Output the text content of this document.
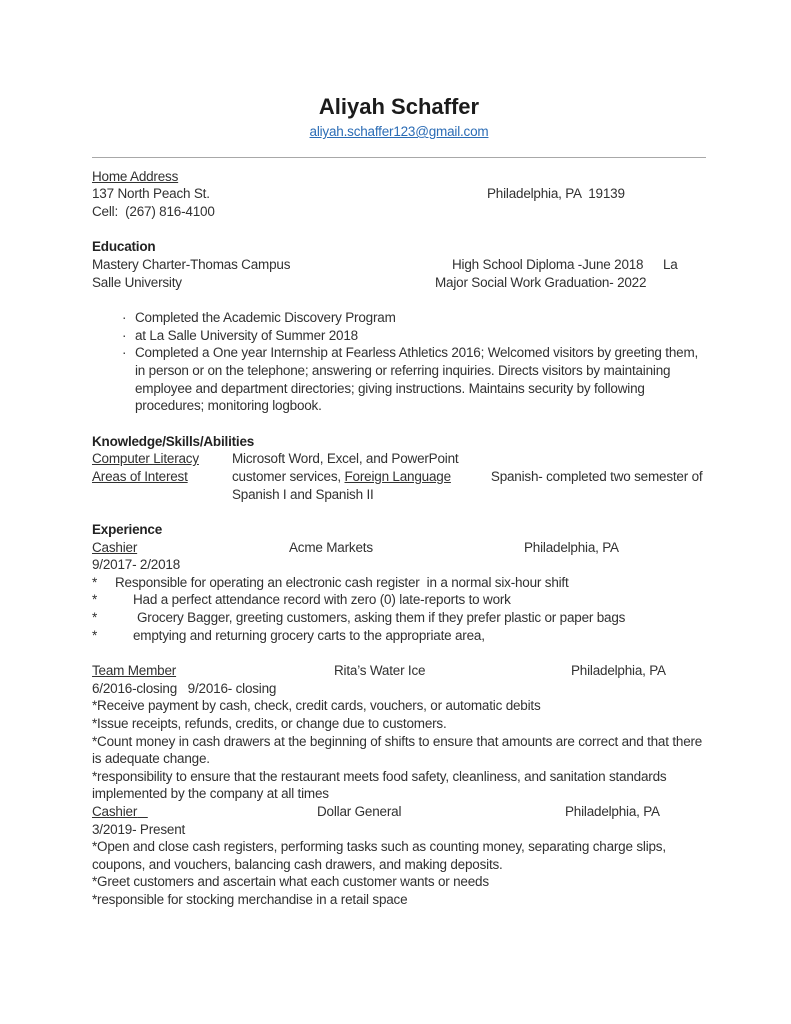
Aliyah Schaffer
aliyah.schaffer123@gmail.com
Home Address
137 North Peach St.	Philadelphia, PA  19139
Cell:  (267) 816-4100
Education
Mastery Charter-Thomas Campus	High School Diploma -June 2018 La
Salle University	Major Social Work Graduation- 2022
· Completed the Academic Discovery Program
· at La Salle University of Summer 2018
· Completed a One year Internship at Fearless Athletics 2016; Welcomed visitors by greeting them, in person or on the telephone; answering or referring inquiries. Directs visitors by maintaining employee and department directories; giving instructions. Maintains security by following procedures; monitoring logbook.
Knowledge/Skills/Abilities
Computer Literacy Microsoft Word, Excel, and PowerPoint
Areas of Interest	customer services, Foreign Language	Spanish- completed two semester of Spanish I and Spanish II
Experience
Cashier	Acme Markets	Philadelphia, PA
9/2017- 2/2018
* Responsible for operating an electronic cash register  in a normal six-hour shift
*	Had a perfect attendance record with zero (0) late-reports to work
*	Grocery Bagger, greeting customers, asking them if they prefer plastic or paper bags
*	emptying and returning grocery carts to the appropriate area,
Team Member	Rita’s Water Ice	Philadelphia, PA
6/2016-closing   9/2016- closing
*Receive payment by cash, check, credit cards, vouchers, or automatic debits
*Issue receipts, refunds, credits, or change due to customers.
*Count money in cash drawers at the beginning of shifts to ensure that amounts are correct and that there is adequate change.
*responsibility to ensure that the restaurant meets food safety, cleanliness, and sanitation standards implemented by the company at all times
Cashier	Dollar General	Philadelphia, PA
3/2019- Present
*Open and close cash registers, performing tasks such as counting money, separating charge slips, coupons, and vouchers, balancing cash drawers, and making deposits.
*Greet customers and ascertain what each customer wants or needs
*responsible for stocking merchandise in a retail space
